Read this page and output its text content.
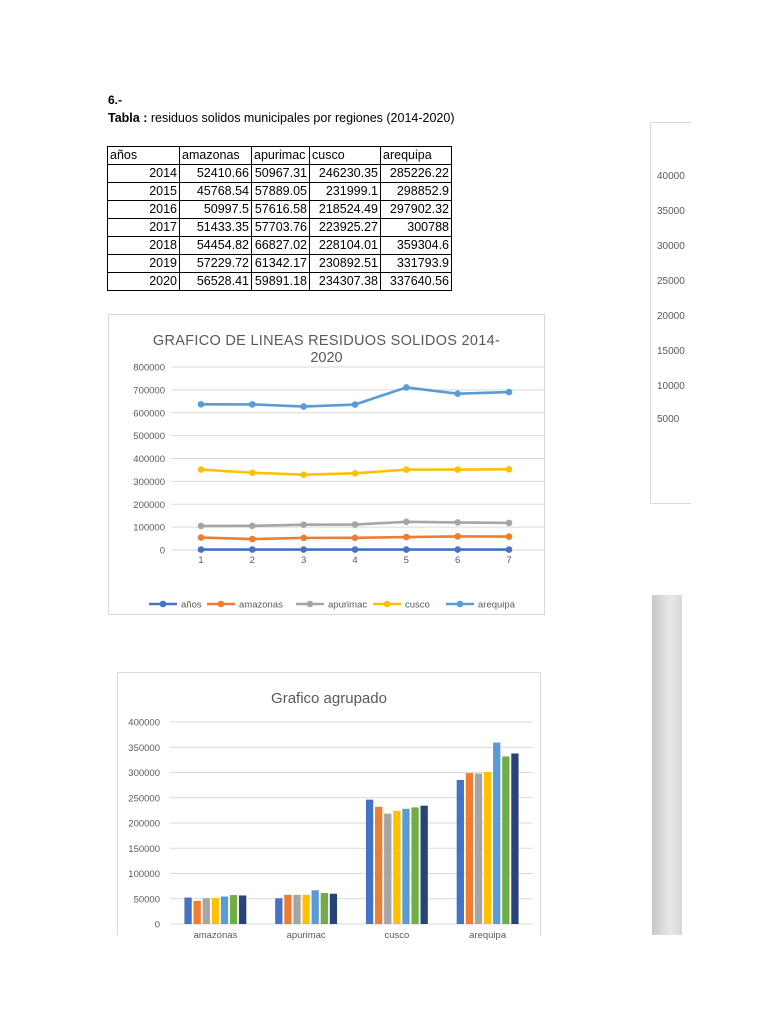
6.-
Tabla : residuos solidos municipales por regiones (2014-2020)
años	amazonas	apurimac	cusco	arequipa
2014	52410.66	50967.31	246230.35	285226.22
2015	45768.54	57889.05	231999.1	298852.9
2016	50997.5	57616.58	218524.49	297902.32
2017	51433.35	57703.76	223925.27	300788
2018	54454.82	66827.02	228104.01	359304.6
2019	57229.72	61342.17	230892.51	331793.9
2020	56528.41	59891.18	234307.38	337640.56
GRAFICO DE LINEAS RESIDUOS SOLIDOS 2014-
2020
0
100000
200000
300000
400000
500000
600000
700000
800000
1	2	3	4	5	6	7
años	amazonas	apurimac	cusco	arequipa
Grafico agrupado
0
50000
100000
150000
200000
250000
300000
350000
400000
amazonas	apurimac	cusco	arequipa
40000
35000
30000
25000
20000
15000
10000
5000
